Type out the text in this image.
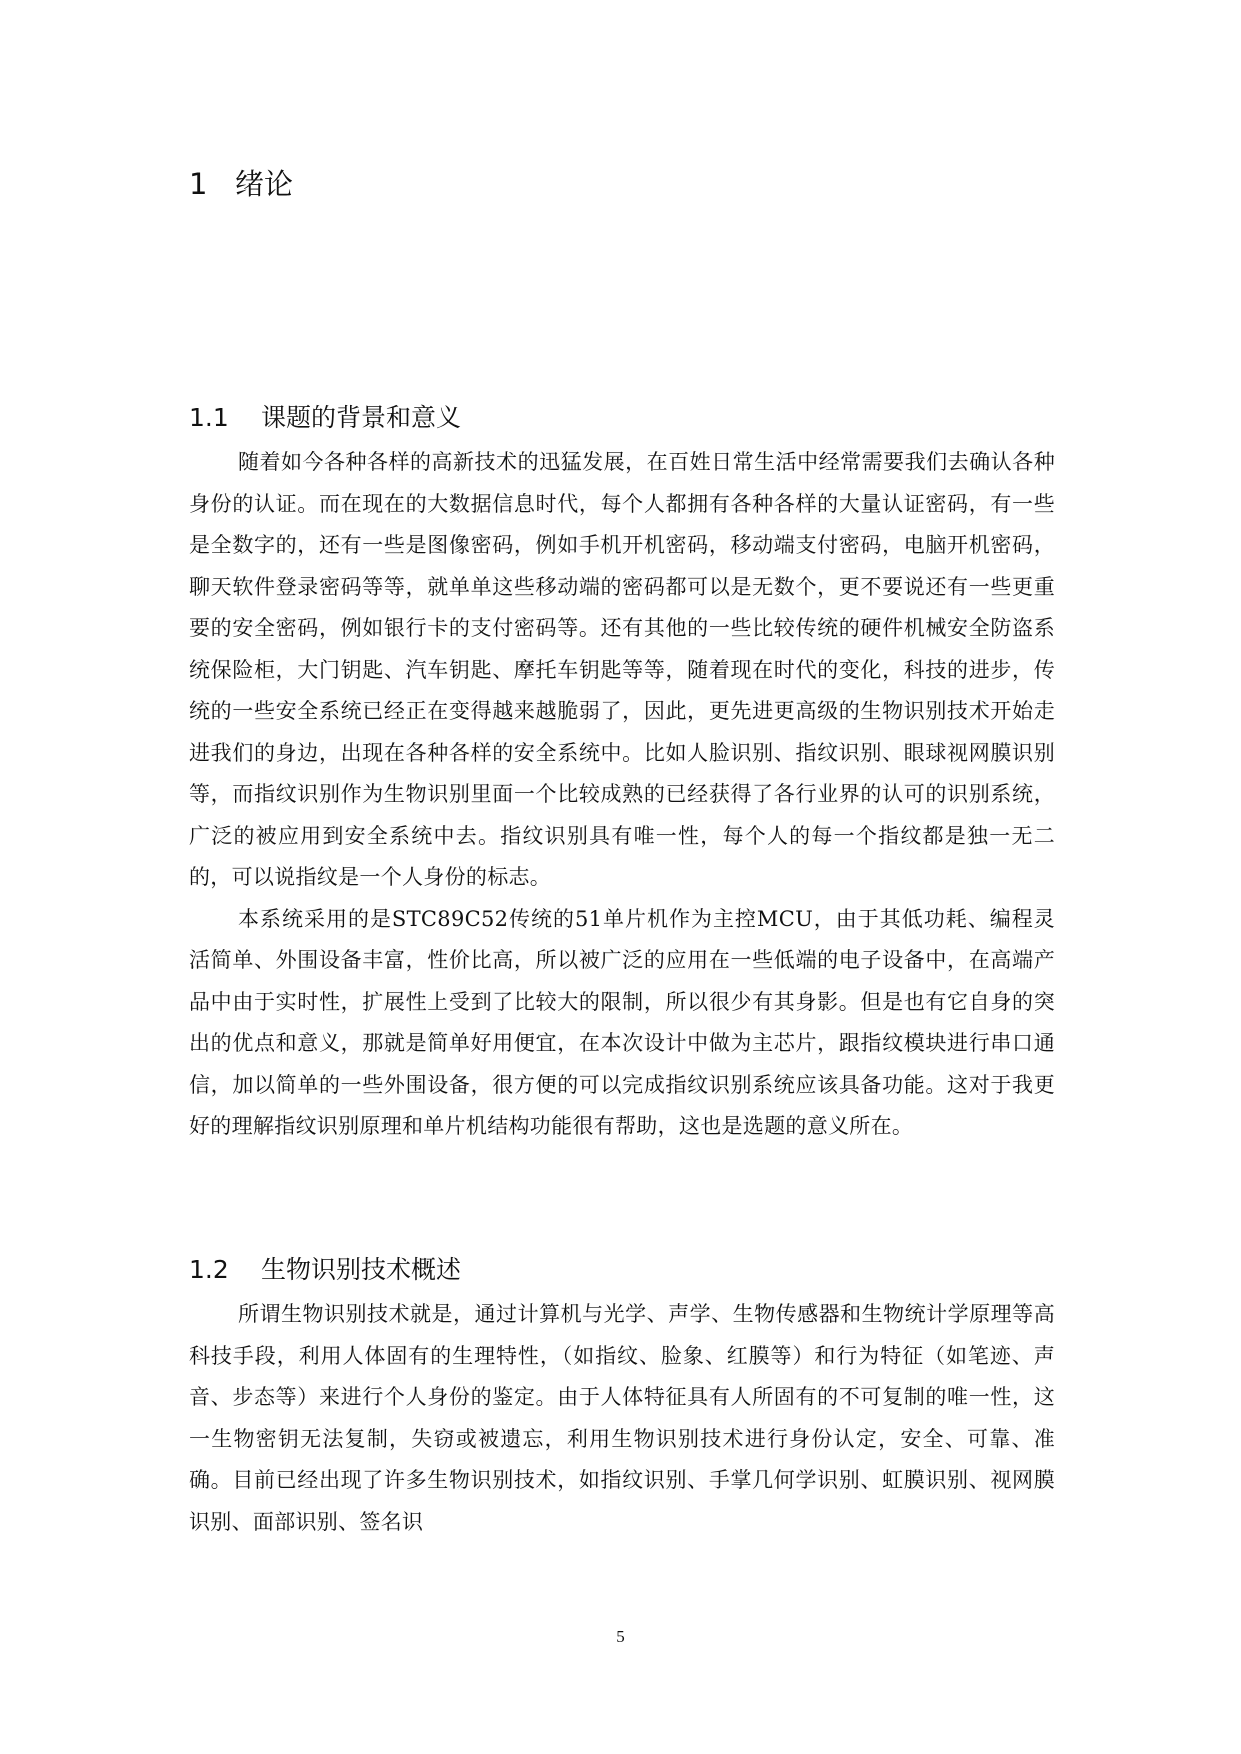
1 绪论
1.1 课题的背景和意义

随着如今各种各样的高新技术的迅猛发展，在百姓日常生活中经常需要我们去确认各种身份的认证。而在现在的大数据信息时代，每个人都拥有各种各样的大量认证密码，有一些是全数字的，还有一些是图像密码，例如手机开机密码，移动端支付密码，电脑开机密码，聊天软件登录密码等等，就单单这些移动端的密码都可以是无数个，更不要说还有一些更重要的安全密码，例如银行卡的支付密码等。还有其他的一些比较传统的硬件机械安全防盗系统保险柜，大门钥匙、汽车钥匙、摩托车钥匙等等，随着现在时代的变化，科技的进步，传统的一些安全系统已经正在变得越来越脆弱了，因此，更先进更高级的生物识别技术开始走进我们的身边，出现在各种各样的安全系统中。比如人脸识别、指纹识别、眼球视网膜识别等，而指纹识别作为生物识别里面一个比较成熟的已经获得了各行业界的认可的识别系统，广泛的被应用到安全系统中去。指纹识别具有唯一性，每个人的每一个指纹都是独一无二的，可以说指纹是一个人身份的标志。

本系统采用的是STC89C52传统的51单片机作为主控MCU，由于其低功耗、编程灵活简单、外围设备丰富，性价比高，所以被广泛的应用在一些低端的电子设备中，在高端产品中由于实时性，扩展性上受到了比较大的限制，所以很少有其身影。但是也有它自身的突出的优点和意义，那就是简单好用便宜，在本次设计中做为主芯片，跟指纹模块进行串口通信，加以简单的一些外围设备，很方便的可以完成指纹识别系统应该具备功能。这对于我更好的理解指纹识别原理和单片机结构功能很有帮助，这也是选题的意义所在。

1.2 生物识别技术概述

所谓生物识别技术就是，通过计算机与光学、声学、生物传感器和生物统计学原理等高科技手段，利用人体固有的生理特性，（如指纹、脸象、红膜等）和行为特征（如笔迹、声音、步态等）来进行个人身份的鉴定。由于人体特征具有人所固有的不可复制的唯一性，这一生物密钥无法复制，失窃或被遗忘，利用生物识别技术进行身份认定，安全、可靠、准确。目前已经出现了许多生物识别技术，如指纹识别、手掌几何学识别、虹膜识别、视网膜识别、面部识别、签名识

5
